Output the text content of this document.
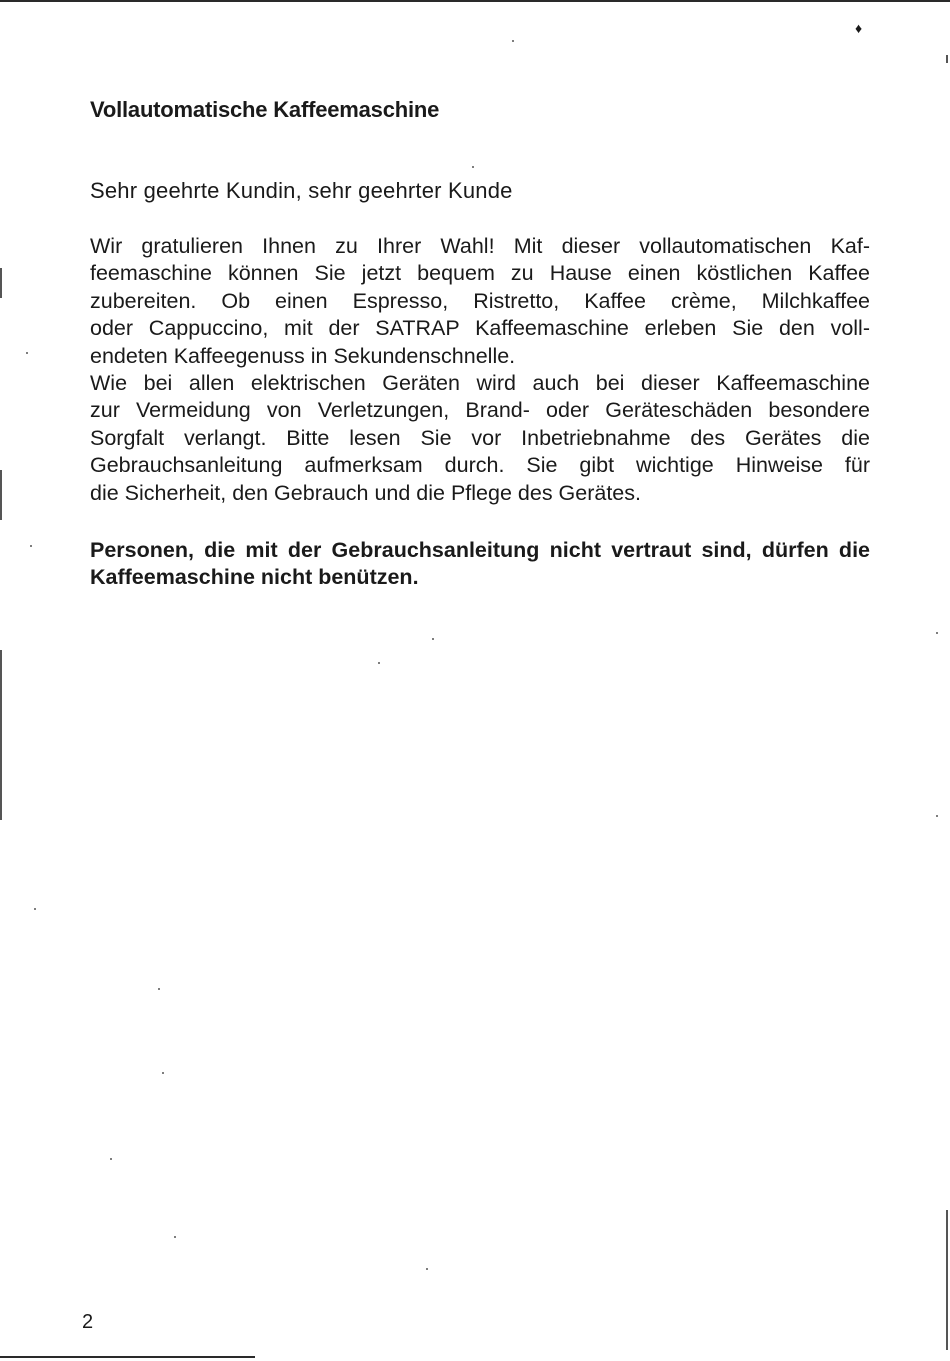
♦
Vollautomatische Kaffeemaschine

Sehr geehrte Kundin, sehr geehrter Kunde

Wir gratulieren Ihnen zu Ihrer Wahl! Mit dieser vollautomatischen Kaf-
feemaschine können Sie jetzt bequem zu Hause einen köstlichen Kaffee
zubereiten. Ob einen Espresso, Ristretto, Kaffee crème, Milchkaffee
oder Cappuccino, mit der SATRAP Kaffeemaschine erleben Sie den voll-
endeten Kaffeegenuss in Sekundenschnelle.
Wie bei allen elektrischen Geräten wird auch bei dieser Kaffeemaschine
zur Vermeidung von Verletzungen, Brand- oder Geräteschäden besondere
Sorgfalt verlangt. Bitte lesen Sie vor Inbetriebnahme des Gerätes die
Gebrauchsanleitung aufmerksam durch. Sie gibt wichtige Hinweise für
die Sicherheit, den Gebrauch und die Pflege des Gerätes.
Personen, die mit der Gebrauchsanleitung nicht vertraut sind, dürfen die
Kaffeemaschine nicht benützen.
2
